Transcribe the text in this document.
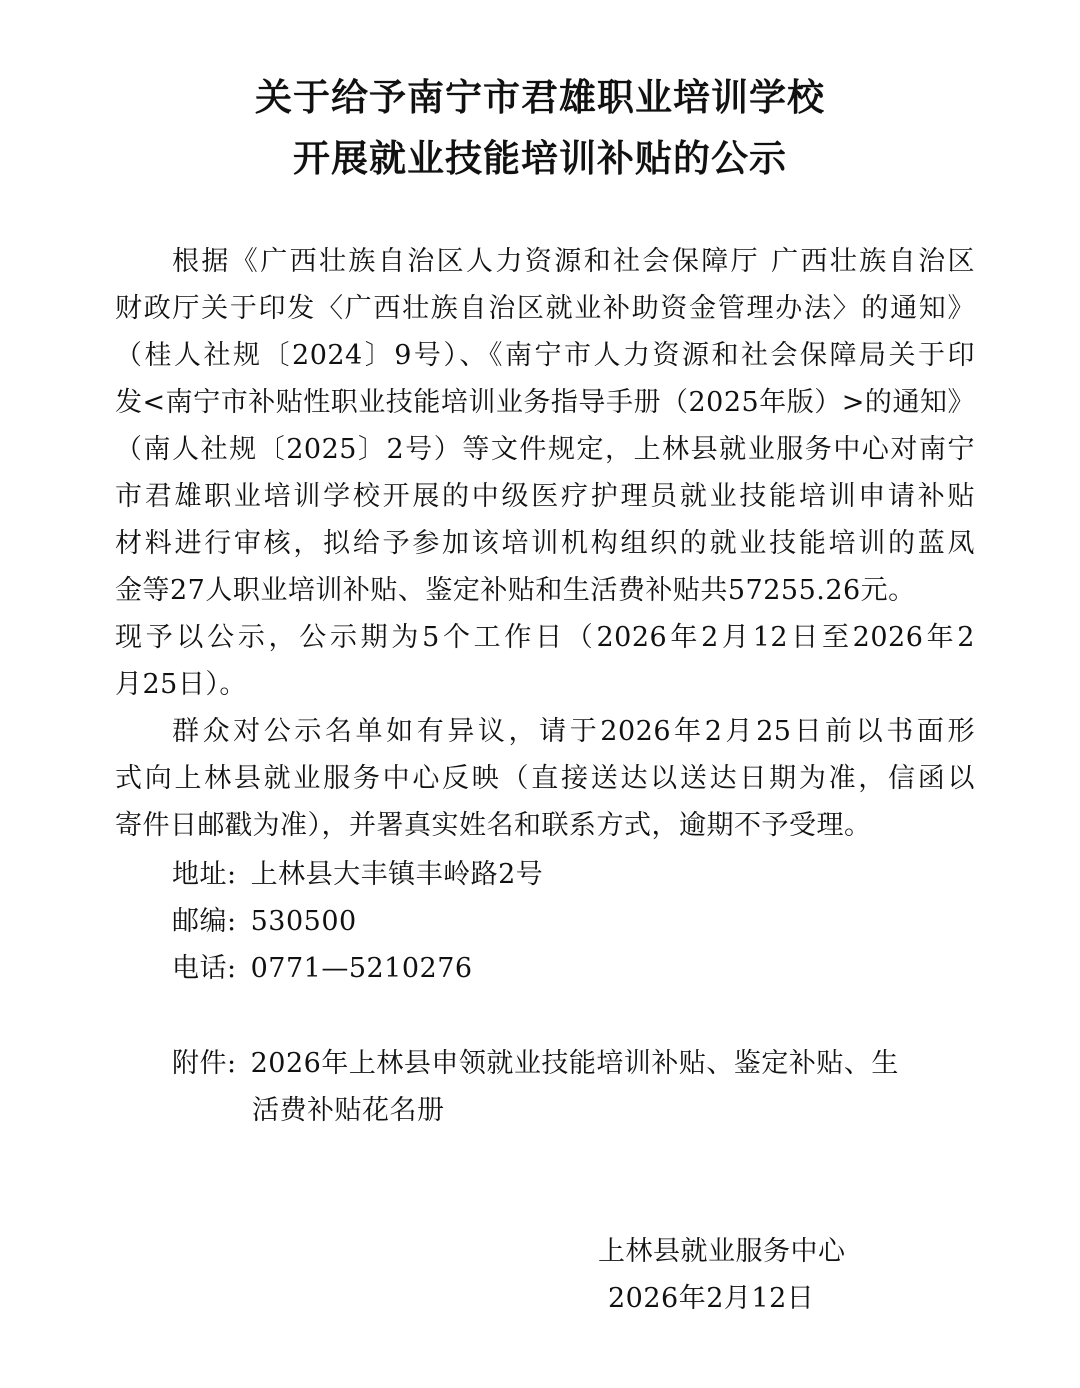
关于给予南宁市君雄职业培训学校
开展就业技能培训补贴的公示

根据《广西壮族自治区人力资源和社会保障厅 广西壮族自治区

财政厅关于印发〈广西壮族自治区就业补助资金管理办法〉的通知》

（桂人社规〔2024〕9号）、《南宁市人力资源和社会保障局关于印

发<南宁市补贴性职业技能培训业务指导手册（2025年版）>的通知》

（南人社规〔2025〕2号）等文件规定，上林县就业服务中心对南宁

市君雄职业培训学校开展的中级医疗护理员就业技能培训申请补贴

材料进行审核，拟给予参加该培训机构组织的就业技能培训的蓝凤

金等27人职业培训补贴、鉴定补贴和生活费补贴共57255.26元。

现予以公示，公示期为5个工作日（2026年2月12日至2026年2

月25日）。

群众对公示名单如有异议，请于2026年2月25日前以书面形

式向上林县就业服务中心反映（直接送达以送达日期为准，信函以

寄件日邮戳为准），并署真实姓名和联系方式，逾期不予受理。

地址: 上林县大丰镇丰岭路2号
邮编: 530500
电话: 0771—5210276
附件: 2026年上林县申领就业技能培训补贴、鉴定补贴、生
活费补贴花名册
上林县就业服务中心
2026年2月12日
